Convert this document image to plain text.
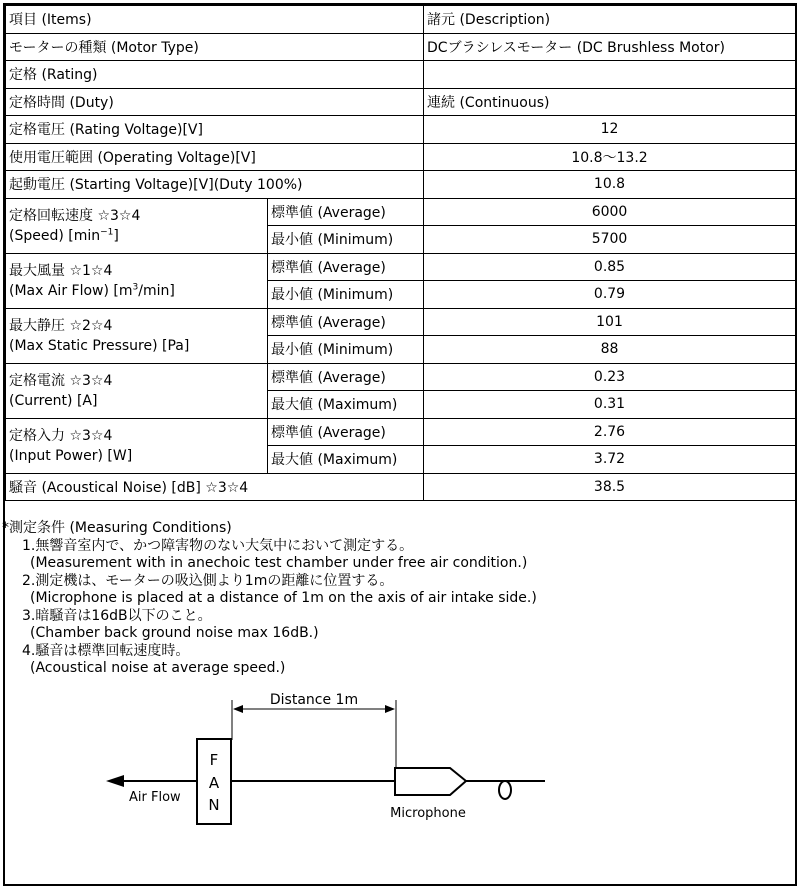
項目 (Items)		諸元 (Description)
モーターの種類 (Motor Type)		DCブラシレスモーター (DC Brushless Motor)
定格 (Rating)		
定格時間 (Duty)		連続 (Continuous)
定格電圧 (Rating Voltage)[V]		12
使用電圧範囲 (Operating Voltage)[V]		10.8～13.2
起動電圧 (Starting Voltage)[V](Duty 100%)		10.8

定格回転速度 ☆3☆4
(Speed) $[\min^{-1}]$	標準値 (Average)	6000
	最小値 (Minimum)	5700

最大風量 ☆1☆4
(Max Air Flow) $[m^3/\min]$	標準値 (Average)	0.85
	最小値 (Minimum)	0.79

最大静圧 ☆2☆4
(Max Static Pressure) [Pa]	標準値 (Average)	101
	最小値 (Minimum)	88

定格電流 ☆3☆4
(Current) [A]	標準値 (Average)	0.23
	最大値 (Maximum)	0.31

定格入力 ☆3☆4
(Input Power) [W]	標準値 (Average)	2.76
	最大値 (Maximum)	3.72
騒音 (Acoustical Noise) [dB] ☆3☆4		38.5
*測定条件 (Measuring Conditions)
1.無響音室内で、かつ障害物のない大気中において測定する。
(Measurement with in anechoic test chamber under free air condition.)
2.測定機は、モーターの吸込側より1mの距離に位置する。
(Microphone is placed at a distance of 1m on the axis of air intake side.)
3.暗騒音は16dB以下のこと。
(Chamber back ground noise max 16dB.)
4.騒音は標準回転速度時。
(Acoustical noise at average speed.)
Distance 1m
Air Flow
F
A
N	Microphone
